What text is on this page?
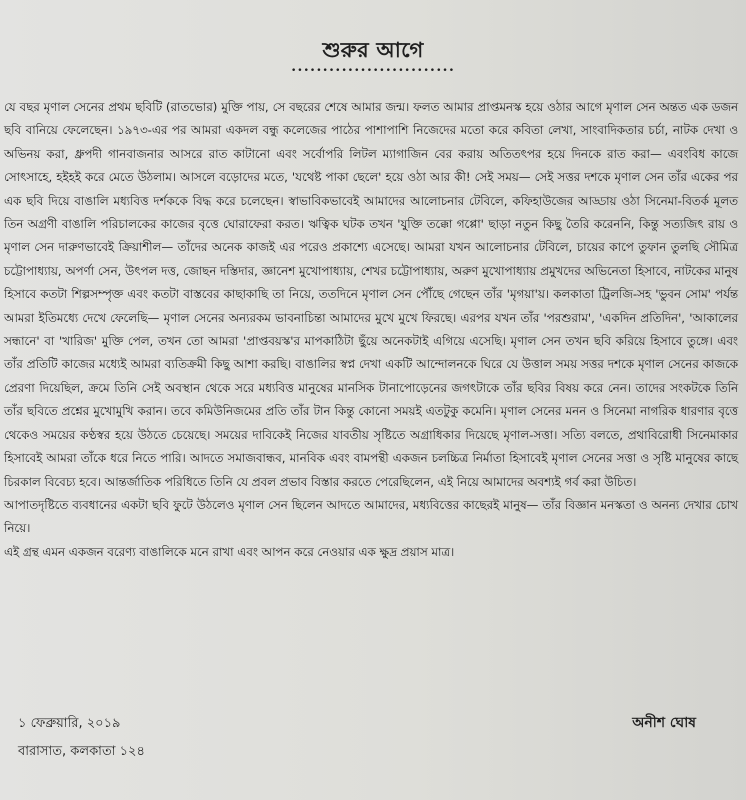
শুরুর আগে
••••••••••••••••••••••••••

যে বছর মৃণাল সেনের প্রথম ছবিটি (রাতভোর) মুক্তি পায়, সে বছরের শেষে আমার জন্ম। ফলত আমার প্রাপ্তমনস্ক হয়ে ওঠার আগে মৃণাল সেন অন্তত এক ডজন ছবি বানিয়ে ফেলেছেন। ১৯৭৩-এর পর আমরা একদল বন্ধু কলেজের পাঠের পাশাপাশি নিজেদের মতো করে কবিতা লেখা, সাংবাদিকতার চর্চা, নাটক দেখা ও অভিনয় করা, ধ্রুপদী গানবাজনার আসরে রাত কাটানো এবং সর্বোপরি লিটল ম্যাগাজিন বের করায় অতিতৎপর হয়ে দিনকে রাত করা— এবংবিধ কাজে সোৎসাহে, হইহই করে মেতে উঠলাম। আসলে বড়োদের মতে, 'যথেষ্ট পাকা ছেলে' হয়ে ওঠা আর কী! সেই সময়— সেই সত্তর দশকে মৃণাল সেন তাঁর একের পর এক ছবি দিয়ে বাঙালি মধ্যবিত্ত দর্শককে বিদ্ধ করে চলেছেন। স্বাভাবিকভাবেই আমাদের আলোচনার টেবিলে, কফিহাউজের আড্ডায় ওঠা সিনেমা-বিতর্ক মূলত তিন অগ্রণী বাঙালি পরিচালকের কাজের বৃত্তে ঘোরাফেরা করত। ঋত্বিক ঘটক তখন 'যুক্তি তক্কো গপ্পো' ছাড়া নতুন কিছু তৈরি করেননি, কিন্তু সত্যজিৎ রায় ও মৃণাল সেন দারুণভাবেই ক্রিয়াশীল— তাঁদের অনেক কাজই এর পরেও প্রকাশ্যে এসেছে। আমরা যখন আলোচনার টেবিলে, চায়ের কাপে তুফান তুলছি সৌমিত্র চট্টোপাধ্যায়, অপর্ণা সেন, উৎপল দত্ত, জোছন দস্তিদার, জ্ঞানেশ মুখোপাধ্যায়, শেখর চট্টোপাধ্যায়, অরুণ মুখোপাধ্যায় প্রমুখদের অভিনেতা হিসাবে, নাটকের মানুষ হিসাবে কতটা শিল্পসম্পৃক্ত এবং কতটা বাস্তবের কাছাকাছি তা নিয়ে, ততদিনে মৃণাল সেন পৌঁছে গেছেন তাঁর 'মৃগয়া'য়। কলকাতা ট্রিলজি-সহ 'ভুবন সোম' পর্যন্ত আমরা ইতিমধ্যে দেখে ফেলেছি— মৃণাল সেনের অন্যরকম ভাবনাচিন্তা আমাদের মুখে মুখে ফিরছে। এরপর যখন তাঁর 'পরশুরাম', 'একদিন প্রতিদিন', 'আকালের সন্ধানে' বা 'খারিজ' মুক্তি পেল, তখন তো আমরা 'প্রাপ্তবয়স্ক'র মাপকাঠিটা ছুঁয়ে অনেকটাই এগিয়ে এসেছি। মৃণাল সেন তখন ছবি করিয়ে হিসাবে তুঙ্গে। এবং তাঁর প্রতিটি কাজের মধ্যেই আমরা ব্যতিক্রমী কিছু আশা করছি। বাঙালির স্বপ্ন দেখা একটি আন্দোলনকে ঘিরে যে উত্তাল সময় সত্তর দশকে মৃণাল সেনের কাজকে প্রেরণা দিয়েছিল, ক্রমে তিনি সেই অবস্থান থেকে সরে মধ্যবিত্ত মানুষের মানসিক টানাপোড়েনের জগৎটাকে তাঁর ছবির বিষয় করে নেন। তাদের সংকটকে তিনি তাঁর ছবিতে প্রশ্নের মুখোমুখি করান। তবে কমিউনিজমের প্রতি তাঁর টান কিন্তু কোনো সময়ই এতটুকু কমেনি। মৃণাল সেনের মনন ও সিনেমা নাগরিক ধারণার বৃত্তে থেকেও সময়ের কণ্ঠস্বর হয়ে উঠতে চেয়েছে। সময়ের দাবিকেই নিজের যাবতীয় সৃষ্টিতে অগ্রাধিকার দিয়েছে মৃণাল-সত্তা। সত্যি বলতে, প্রথাবিরোধী সিনেমাকার হিসাবেই আমরা তাঁকে ধরে নিতে পারি। আদতে সমাজবান্ধব, মানবিক এবং বামপন্থী একজন চলচ্চিত্র নির্মাতা হিসাবেই মৃণাল সেনের সত্তা ও সৃষ্টি মানুষের কাছে চিরকাল বিবেচ্য হবে। আন্তর্জাতিক পরিধিতে তিনি যে প্রবল প্রভাব বিস্তার করতে পেরেছিলেন, এই নিয়ে আমাদের অবশ্যই গর্ব করা উচিত।

আপাতদৃষ্টিতে ব্যবধানের একটা ছবি ফুটে উঠলেও মৃণাল সেন ছিলেন আদতে আমাদের, মধ্যবিত্তের কাছেরই মানুষ— তাঁর বিজ্ঞান মনস্কতা ও অনন্য দেখার চোখ নিয়ে।

এই গ্রন্থ এমন একজন বরেণ্য বাঙালিকে মনে রাখা এবং আপন করে নেওয়ার এক ক্ষুদ্র প্রয়াস মাত্র।

১ ফেব্রুয়ারি, ২০১৯
বারাসাত, কলকাতা ১২৪
অনীশ ঘোষ
